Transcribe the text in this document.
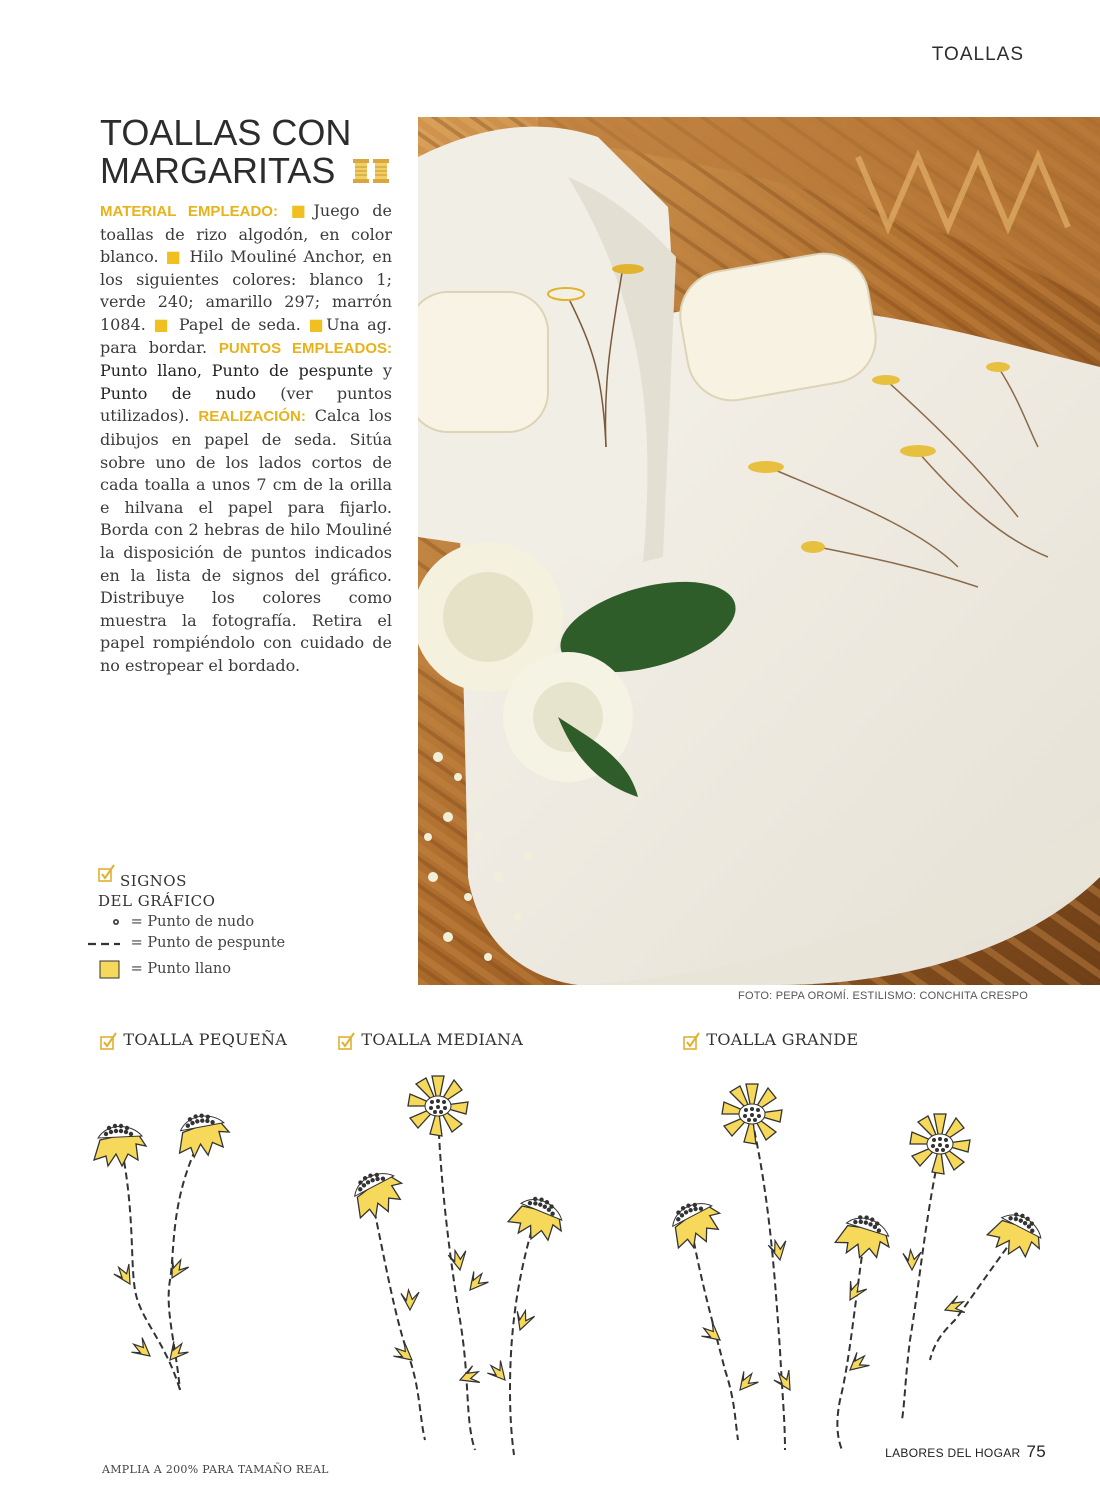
TOALLAS
TOALLAS CON
MARGARITAS

MATERIAL EMPLEADO: ■Juego de toallas de rizo algodón, en color blanco. ■ Hilo Mouliné Anchor, en los siguientes colores: blanco 1; verde 240; amarillo 297; marrón 1084. ■ Papel de seda. ■Una ag. para bordar. PUNTOS EMPLEADOS: Punto llano, Punto de pespunte y Punto de nudo (ver puntos utilizados). REALIZACIÓN: Calca los dibujos en papel de seda. Sitúa sobre uno de los lados cortos de cada toalla a unos 7 cm de la orilla e hilvana el papel para fijarlo. Borda con 2 hebras de hilo Mouliné la disposición de puntos indicados en la lista de signos del gráfico. Distribuye los colores como muestra la fotografía. Retira el papel rompiéndolo con cuidado de no estropear el bordado.

FOTO: PEPA OROMÍ. ESTILISMO: CONCHITA CRESPO
SIGNOS
DEL GRÁFICO
= Punto de nudo
= Punto de pespunte
= Punto llano
TOALLA PEQUEÑA	TOALLA MEDIANA	TOALLA GRANDE
AMPLIA A 200% PARA TAMAÑO REAL
LABORES DEL HOGAR 75
